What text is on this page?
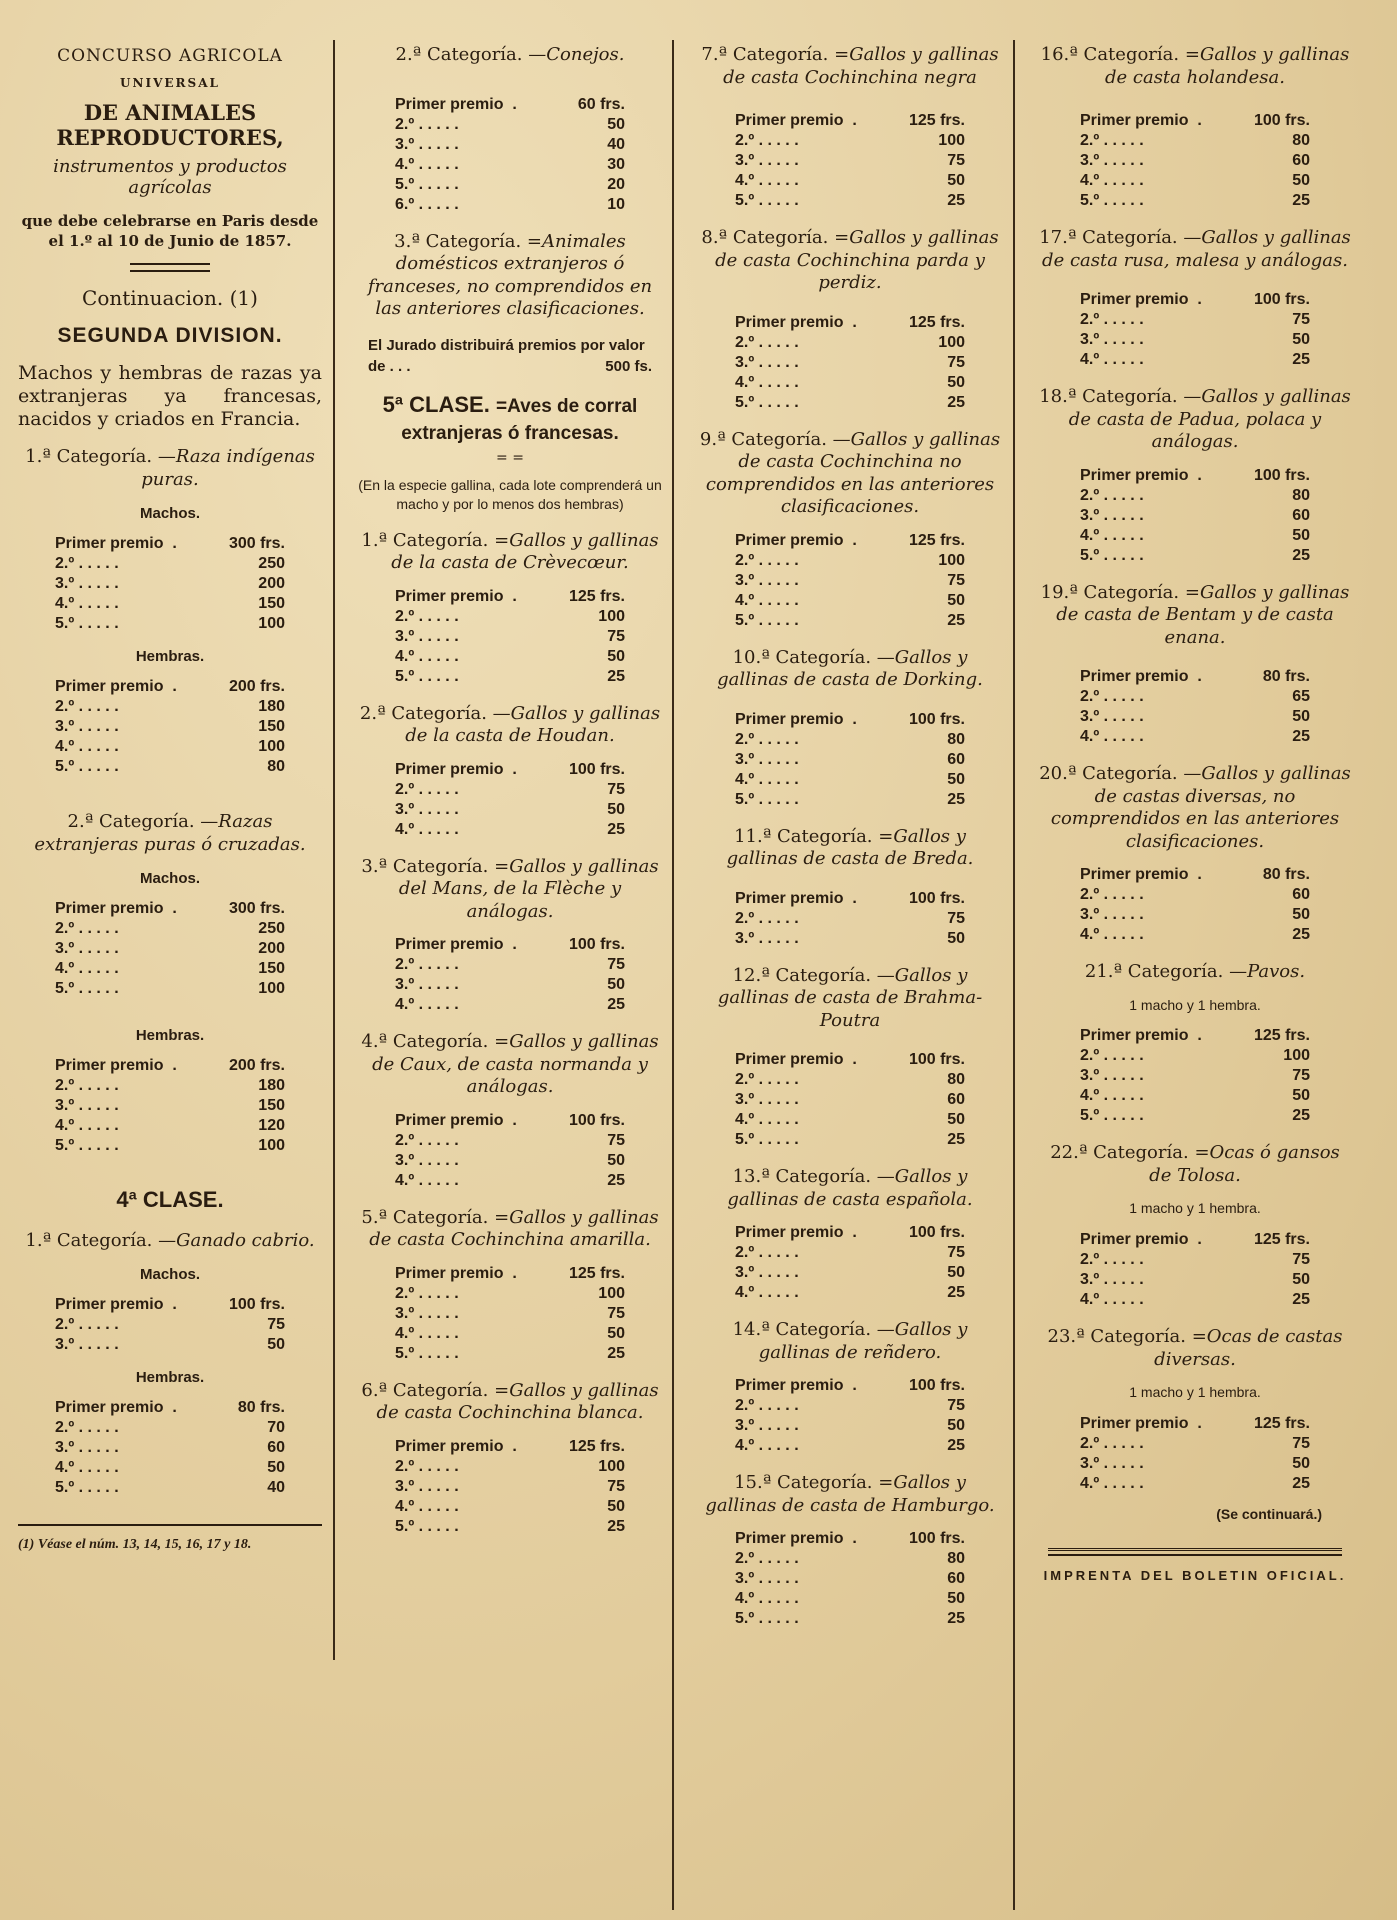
CONCURSO AGRICOLA
UNIVERSAL
DE ANIMALES REPRODUCTORES,
instrumentos y productos agrícolas
que debe celebrarse en Paris desde el 1.º al 10 de Junio de 1857.
Continuacion. (1)
SEGUNDA DIVISION.
Machos y hembras de razas ya extranjeras ya francesas, nacidos y criados en Francia.
1.ª Categoría. —Raza indígenas puras.
Machos.
Primer premio  .	300 frs.
2.º . . . . .	250
3.º . . . . .	200
4.º . . . . .	150
5.º . . . . .	100
Hembras.
Primer premio  .	200 frs.
2.º . . . . .	180
3.º . . . . .	150
4.º . . . . .	100
5.º . . . . .	80
2.ª Categoría. —Razas extranjeras puras ó cruzadas.
Machos.
Primer premio  .	300 frs.
2.º . . . . .	250
3.º . . . . .	200
4.º . . . . .	150
5.º . . . . .	100
Hembras.
Primer premio  .	200 frs.
2.º . . . . .	180
3.º . . . . .	150
4.º . . . . .	120
5.º . . . . .	100
4ª CLASE.
1.ª Categoría. —Ganado cabrio.
Machos.
Primer premio  .	100 frs.
2.º . . . . .	75
3.º . . . . .	50
Hembras.
Primer premio  .	80 frs.
2.º . . . . .	70
3.º . . . . .	60
4.º . . . . .	50
5.º . . . . .	40
(1) Véase el núm. 13, 14, 15, 16, 17 y 18.
2.ª Categoría. —Conejos.
Primer premio  .	60 frs.
2.º . . . . .	50
3.º . . . . .	40
4.º . . . . .	30
5.º . . . . .	20
6.º . . . . .	10
3.ª Categoría. =Animales domésticos extranjeros ó franceses, no comprendidos en las anteriores clasificaciones.
El Jurado distribuirá premios por valor de . . .	500 fs.
5ª CLASE. =Aves de corral extranjeras ó francesas.
= =
(En la especie gallina, cada lote comprenderá un macho y por lo menos dos hembras)
1.ª Categoría. =Gallos y gallinas de la casta de Crèvecœur.
Primer premio  .	125 frs.
2.º . . . . .	100
3.º . . . . .	75
4.º . . . . .	50
5.º . . . . .	25
2.ª Categoría. —Gallos y gallinas de la casta de Houdan.
Primer premio  .	100 frs.
2.º . . . . .	75
3.º . . . . .	50
4.º . . . . .	25
3.ª Categoría. =Gallos y gallinas del Mans, de la Flèche y análogas.
Primer premio  .	100 frs.
2.º . . . . .	75
3.º . . . . .	50
4.º . . . . .	25
4.ª Categoría. =Gallos y gallinas de Caux, de casta normanda y análogas.
Primer premio  .	100 frs.
2.º . . . . .	75
3.º . . . . .	50
4.º . . . . .	25
5.ª Categoría. =Gallos y gallinas de casta Cochinchina amarilla.
Primer premio  .	125 frs.
2.º . . . . .	100
3.º . . . . .	75
4.º . . . . .	50
5.º . . . . .	25
6.ª Categoría. =Gallos y gallinas de casta Cochinchina blanca.
Primer premio  .	125 frs.
2.º . . . . .	100
3.º . . . . .	75
4.º . . . . .	50
5.º . . . . .	25
7.ª Categoría. =Gallos y gallinas de casta Cochinchina negra
Primer premio  .	125 frs.
2.º . . . . .	100
3.º . . . . .	75
4.º . . . . .	50
5.º . . . . .	25
8.ª Categoría. =Gallos y gallinas de casta Cochinchina parda y perdiz.
Primer premio  .	125 frs.
2.º . . . . .	100
3.º . . . . .	75
4.º . . . . .	50
5.º . . . . .	25
9.ª Categoría. —Gallos y gallinas de casta Cochinchina no comprendidos en las anteriores clasificaciones.
Primer premio  .	125 frs.
2.º . . . . .	100
3.º . . . . .	75
4.º . . . . .	50
5.º . . . . .	25
10.ª Categoría. —Gallos y gallinas de casta de Dorking.
Primer premio  .	100 frs.
2.º . . . . .	80
3.º . . . . .	60
4.º . . . . .	50
5.º . . . . .	25
11.ª Categoría. =Gallos y gallinas de casta de Breda.
Primer premio  .	100 frs.
2.º . . . . .	75
3.º . . . . .	50
12.ª Categoría. —Gallos y gallinas de casta de Brahma-Poutra
Primer premio  .	100 frs.
2.º . . . . .	80
3.º . . . . .	60
4.º . . . . .	50
5.º . . . . .	25
13.ª Categoría. —Gallos y gallinas de casta española.
Primer premio  .	100 frs.
2.º . . . . .	75
3.º . . . . .	50
4.º . . . . .	25
14.ª Categoría. —Gallos y gallinas de reñdero.
Primer premio  .	100 frs.
2.º . . . . .	75
3.º . . . . .	50
4.º . . . . .	25
15.ª Categoría. =Gallos y gallinas de casta de Hamburgo.
Primer premio  .	100 frs.
2.º . . . . .	80
3.º . . . . .	60
4.º . . . . .	50
5.º . . . . .	25
16.ª Categoría. =Gallos y gallinas de casta holandesa.
Primer premio  .	100 frs.
2.º . . . . .	80
3.º . . . . .	60
4.º . . . . .	50
5.º . . . . .	25
17.ª Categoría. —Gallos y gallinas de casta rusa, malesa y análogas.
Primer premio  .	100 frs.
2.º . . . . .	75
3.º . . . . .	50
4.º . . . . .	25
18.ª Categoría. —Gallos y gallinas de casta de Padua, polaca y análogas.
Primer premio  .	100 frs.
2.º . . . . .	80
3.º . . . . .	60
4.º . . . . .	50
5.º . . . . .	25
19.ª Categoría. =Gallos y gallinas de casta de Bentam y de casta enana.
Primer premio  .	80 frs.
2.º . . . . .	65
3.º . . . . .	50
4.º . . . . .	25
20.ª Categoría. —Gallos y gallinas de castas diversas, no comprendidos en las anteriores clasificaciones.
Primer premio  .	80 frs.
2.º . . . . .	60
3.º . . . . .	50
4.º . . . . .	25
21.ª Categoría. —Pavos.
1 macho y 1 hembra.
Primer premio  .	125 frs.
2.º . . . . .	100
3.º . . . . .	75
4.º . . . . .	50
5.º . . . . .	25
22.ª Categoría. =Ocas ó gansos de Tolosa.
1 macho y 1 hembra.
Primer premio  .	125 frs.
2.º . . . . .	75
3.º . . . . .	50
4.º . . . . .	25
23.ª Categoría. =Ocas de castas diversas.
1 macho y 1 hembra.
Primer premio  .	125 frs.
2.º . . . . .	75
3.º . . . . .	50
4.º . . . . .	25
(Se continuará.)
IMPRENTA DEL BOLETIN OFICIAL.
